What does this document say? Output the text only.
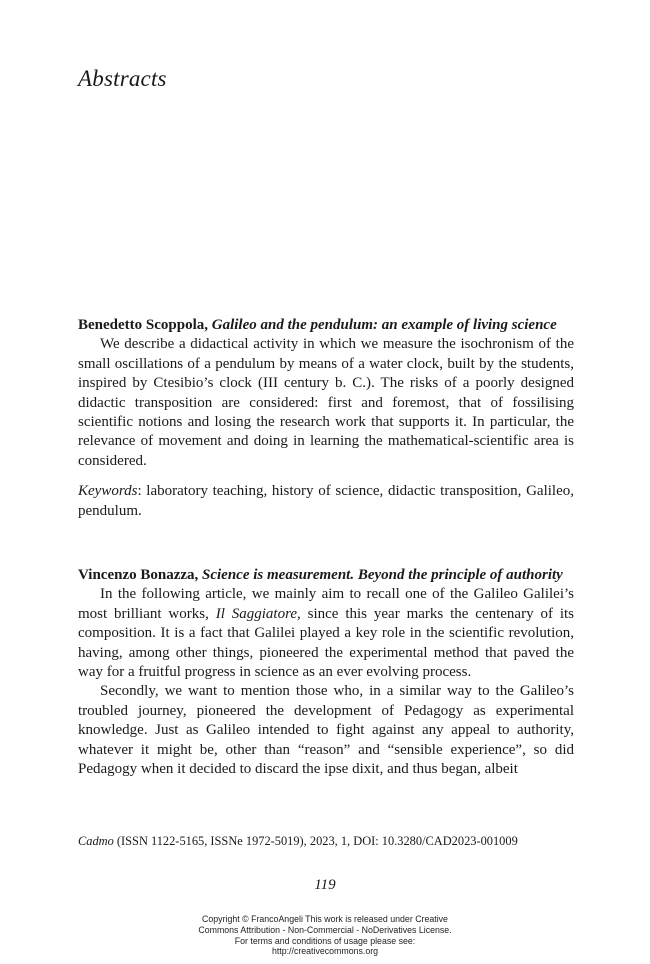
Abstracts

Benedetto Scoppola, Galileo and the pendulum: an example of living science

We describe a didactical activity in which we measure the isochronism of the small oscillations of a pendulum by means of a water clock, built by the students, inspired by Ctesibio’s clock (III century b. C.). The risks of a poorly designed didactic transposition are considered: first and foremost, that of fossilising scientific notions and losing the research work that supports it. In particular, the relevance of movement and doing in learning the mathematical-scientific area is considered.

Keywords: laboratory teaching, history of science, didactic transposition, Galileo, pendulum.

Vincenzo Bonazza, Science is measurement. Beyond the principle of authority

In the following article, we mainly aim to recall one of the Galileo Galilei’s most brilliant works, Il Saggiatore, since this year marks the centenary of its composition. It is a fact that Galilei played a key role in the scientific revolution, having, among other things, pioneered the experimental method that paved the way for a fruitful progress in science as an ever evolving process.

Secondly, we want to mention those who, in a similar way to the Galileo’s troubled journey, pioneered the development of Pedagogy as experimental knowledge. Just as Galileo intended to fight against any appeal to authority, whatever it might be, other than “reason” and “sensible experience”, so did Pedagogy when it decided to discard the ipse dixit, and thus began, albeit

Cadmo (ISSN 1122-5165, ISSNe 1972-5019), 2023, 1, DOI: 10.3280/CAD2023-001009

119

Copyright © FrancoAngeli This work is released under Creative
Commons Attribution - Non-Commercial - NoDerivatives License.
For terms and conditions of usage please see:
http://creativecommons.org
